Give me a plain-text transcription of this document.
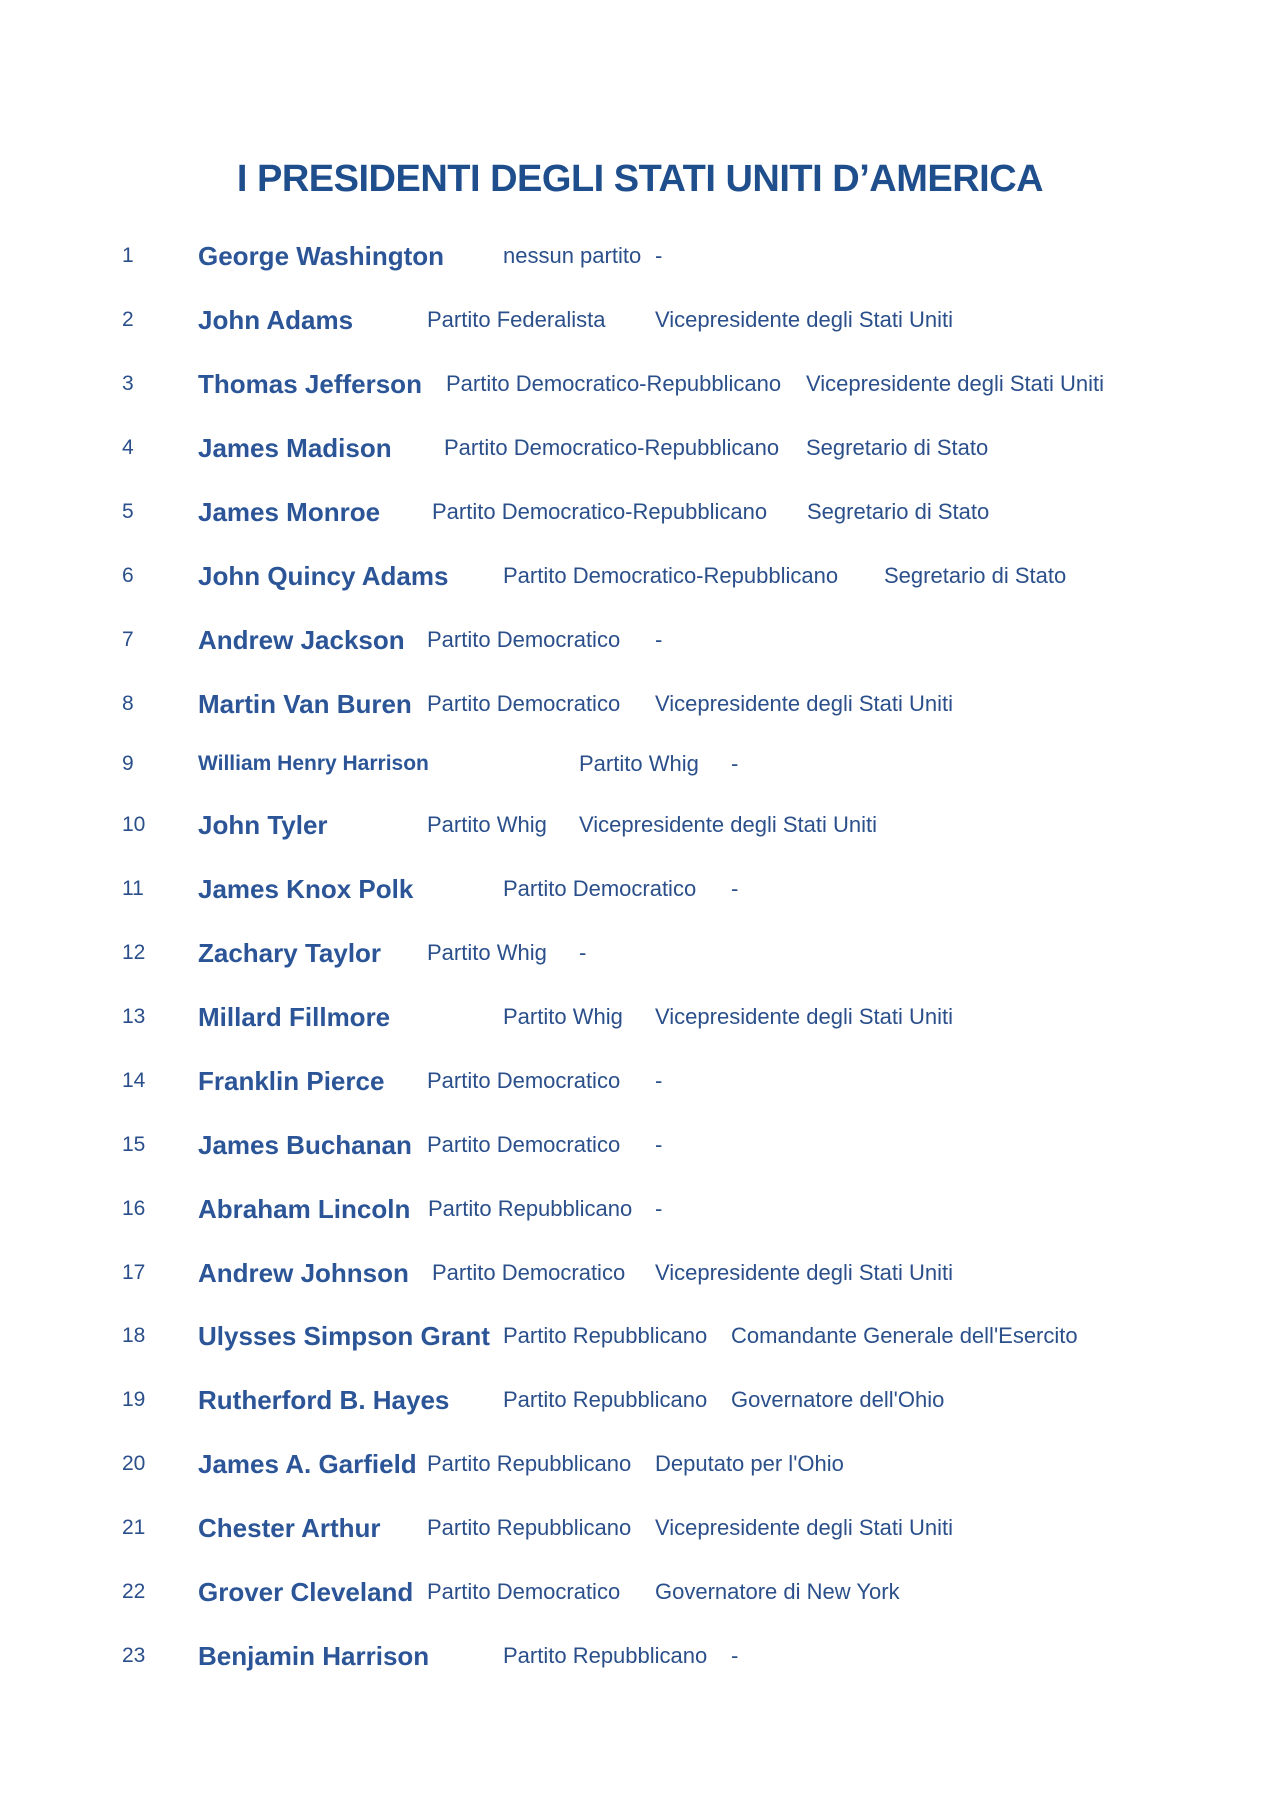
I PRESIDENTI DEGLI STATI UNITI D’AMERICA
1 George Washington	nessun partito -
2 John Adams	Partito Federalista Vicepresidente degli Stati Uniti
3 Thomas Jefferson Partito Democratico-Repubblicano Vicepresidente degli Stati Uniti
4 James Madison Partito Democratico-Repubblicano Segretario di Stato
5 James Monroe Partito Democratico-Repubblicano Segretario di Stato
6 John Quincy Adams Partito Democratico-Repubblicano Segretario di Stato
7 Andrew Jackson Partito Democratico -
8 Martin Van Buren Partito Democratico Vicepresidente degli Stati Uniti
9	William Henry Harrison	Partito Whig -
10 John Tyler	Partito Whig Vicepresidente degli Stati Uniti
11 James Knox Polk	Partito Democratico -
12 Zachary Taylor Partito Whig -
13 Millard Fillmore	Partito Whig Vicepresidente degli Stati Uniti
14 Franklin Pierce Partito Democratico -
15 James Buchanan Partito Democratico -
16 Abraham Lincoln Partito Repubblicano -
17 Andrew Johnson Partito Democratico Vicepresidente degli Stati Uniti
18 Ulysses Simpson Grant Partito Repubblicano Comandante Generale dell'Esercito
19 Rutherford B. Hayes Partito Repubblicano Governatore dell'Ohio
20 James A. Garfield Partito Repubblicano Deputato per l'Ohio
21 Chester Arthur Partito Repubblicano Vicepresidente degli Stati Uniti
22 Grover Cleveland Partito Democratico Governatore di New York
23 Benjamin Harrison	Partito Repubblicano -
